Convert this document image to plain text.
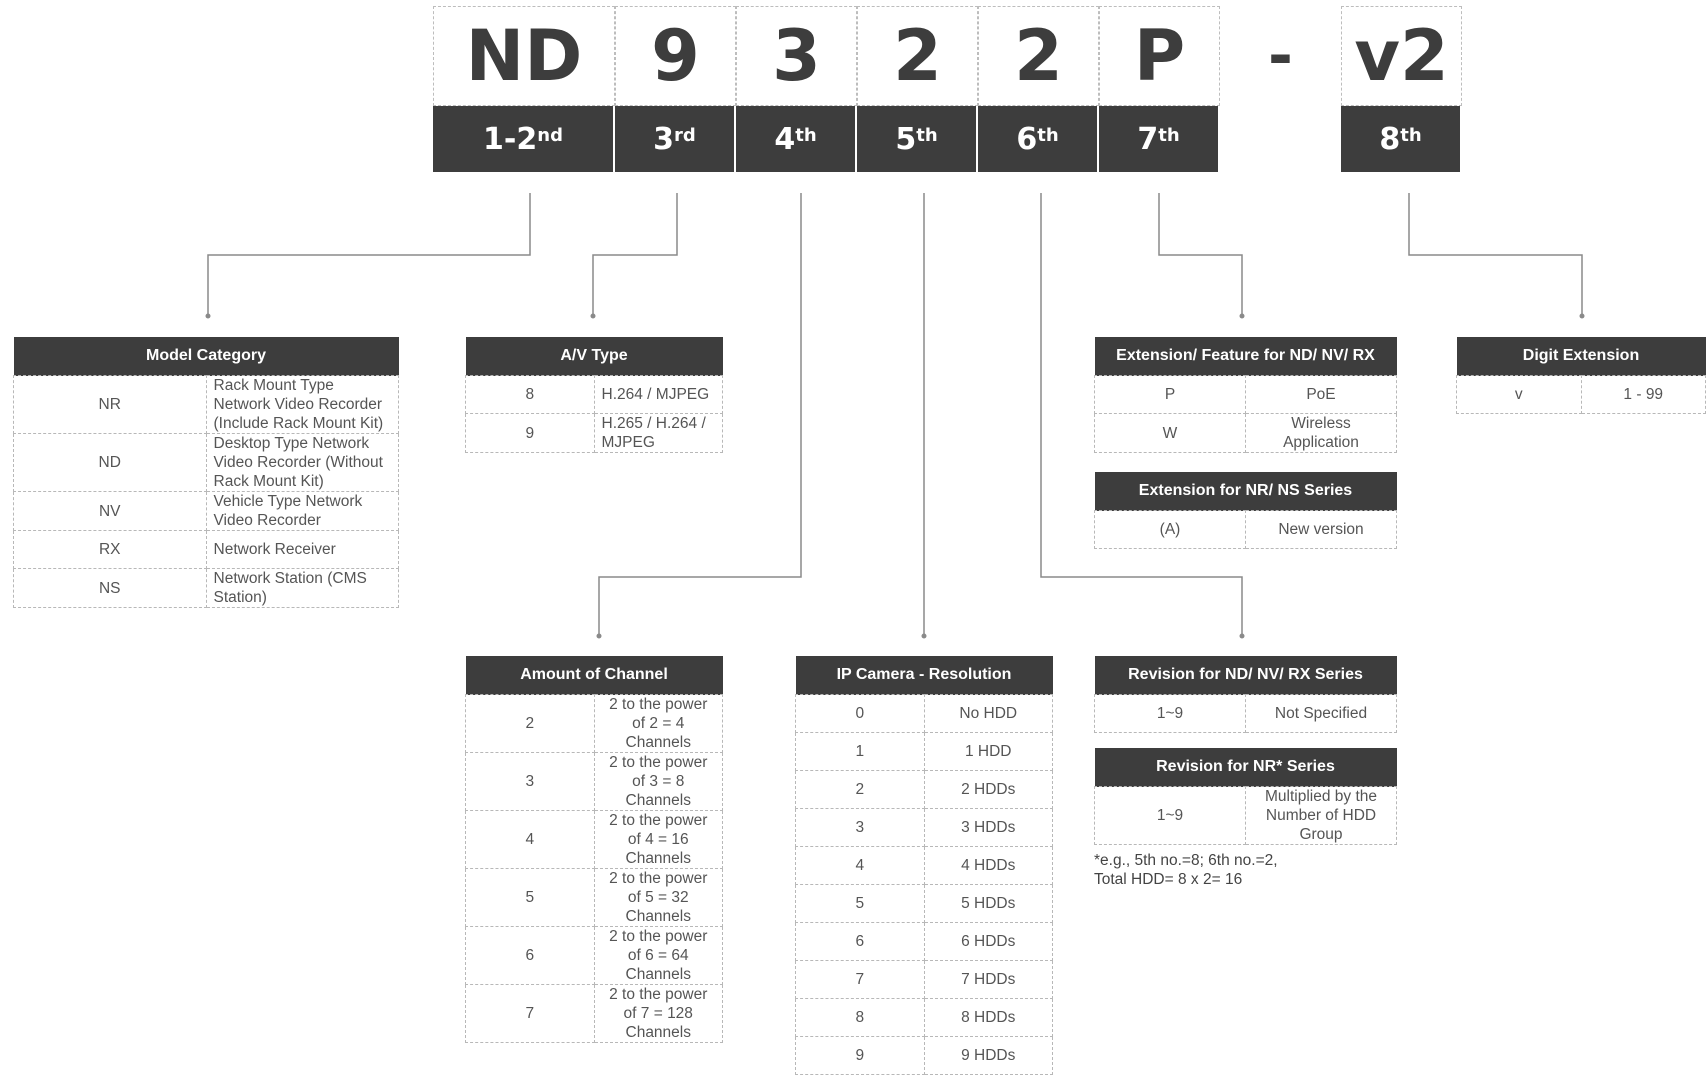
ND 9	3	2	2	P	- v2
1-2nd	3rd	4th	5th	6th	7th	8th
Model Category	
NR	Rack Mount Type Network Video Recorder (Include Rack Mount Kit)
ND	Desktop Type Network Video Recorder (Without Rack Mount Kit)
NV	Vehicle Type Network Video Recorder
RX	Network Receiver
NS	Network Station (CMS Station)
A/V Type	
8	H.264 / MJPEG
9	H.265 / H.264 / MJPEG
Extension/ Feature for ND/ NV/ RX	
P	PoE
W	Wireless Application
Extension for NR/ NS Series
(A)	New version
Digit Extension
v	1 - 99
Amount of Channel	
2	2 to the power of 2 = 4 Channels
3	2 to the power of 3 = 8 Channels
4	2 to the power of 4 = 16 Channels
5	2 to the power of 5 = 32 Channels
6	2 to the power of 6 = 64 Channels
7	2 to the power of 7 = 128 Channels
IP Camera - Resolution	
0	No HDD
1	1 HDD
2	2 HDDs
3	3 HDDs
4	4 HDDs
5	5 HDDs
6	6 HDDs
7	7 HDDs
8	8 HDDs
9	9 HDDs
Revision for ND/ NV/ RX Series
1~9	Not Specified
Revision for NR* Series
1~9	Multiplied by the Number of HDD Group
*e.g., 5th no.=8; 6th no.=2,
Total HDD= 8 x 2= 16
